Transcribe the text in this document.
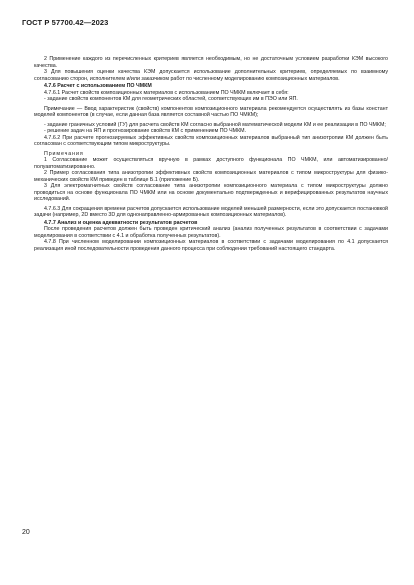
ГОСТ Р 57700.42—2023

2 Применение каждого из перечисленных критериев является необходимым, но не достаточным условием разработки КЭМ высокого качества.

3 Для повышения оценки качества КЭМ допускается использование дополнительных критериев, определяемых по взаимному согласованию сторон, исполнителем и/или заказчиком работ по численному моделированию композиционных материалов.

4.7.6 Расчет с использованием ПО ЧМКМ

4.7.6.1 Расчет свойств композиционных материалов с использованием ПО ЧМКМ включает в себя:

- задание свойств компонентов КМ для геометрических областей, соответствующих им в ПЭО или ЯП.

Примечание — Ввод характеристик (свойств) компонентов композиционного материала рекомендуется осуществлять из базы констант моделей компонентов (в случае, если данная база является составной частью ПО ЧМКМ);

- задание граничных условий (ГУ) для расчета свойств КМ согласно выбранной математической модели КМ и ее реализации в ПО ЧМКМ;

- решение задач на ЯП и прогнозирование свойств КМ с применением ПО ЧМКМ.

4.7.6.2 При расчете прогнозируемых эффективных свойств композиционных материалов выбранный тип анизотропии КМ должен быть согласован с соответствующим типом микроструктуры.

Примечания

1 Согласование может осуществляться вручную в рамках доступного функционала ПО ЧМКМ, или автоматизированно/полуавтоматизированно.

2 Пример согласования типа анизотропии эффективных свойств композиционных материалов с типом микроструктуры для физико-механических свойств КМ приведен в таблице Б.1 (приложение Б).

3 Для электромагнитных свойств согласование типа анизотропии композиционного материала с типом микроструктуры должно проводиться на основе функционала ПО ЧМКМ или на основе документально подтвержденных и верифицированных результатов научных исследований.

4.7.6.3 Для сокращения времени расчетов допускается использование моделей меньшей размерности, если это допускается постановкой задачи (например, 2D вместо 3D для однонаправленно-армированных композиционных материалов).

4.7.7 Анализ и оценка адекватности результатов расчетов

После проведения расчетов должен быть проведен критический анализ (анализ полученных результатов в соответствии с задачами моделирования в соответствии с 4.1 и обработка полученных результатов).

4.7.8 При численном моделировании композиционных материалов в соответствии с задачами моделирования по 4.1 допускается реализация иной последовательности проведения данного процесса при соблюдении требований настоящего стандарта.

20
